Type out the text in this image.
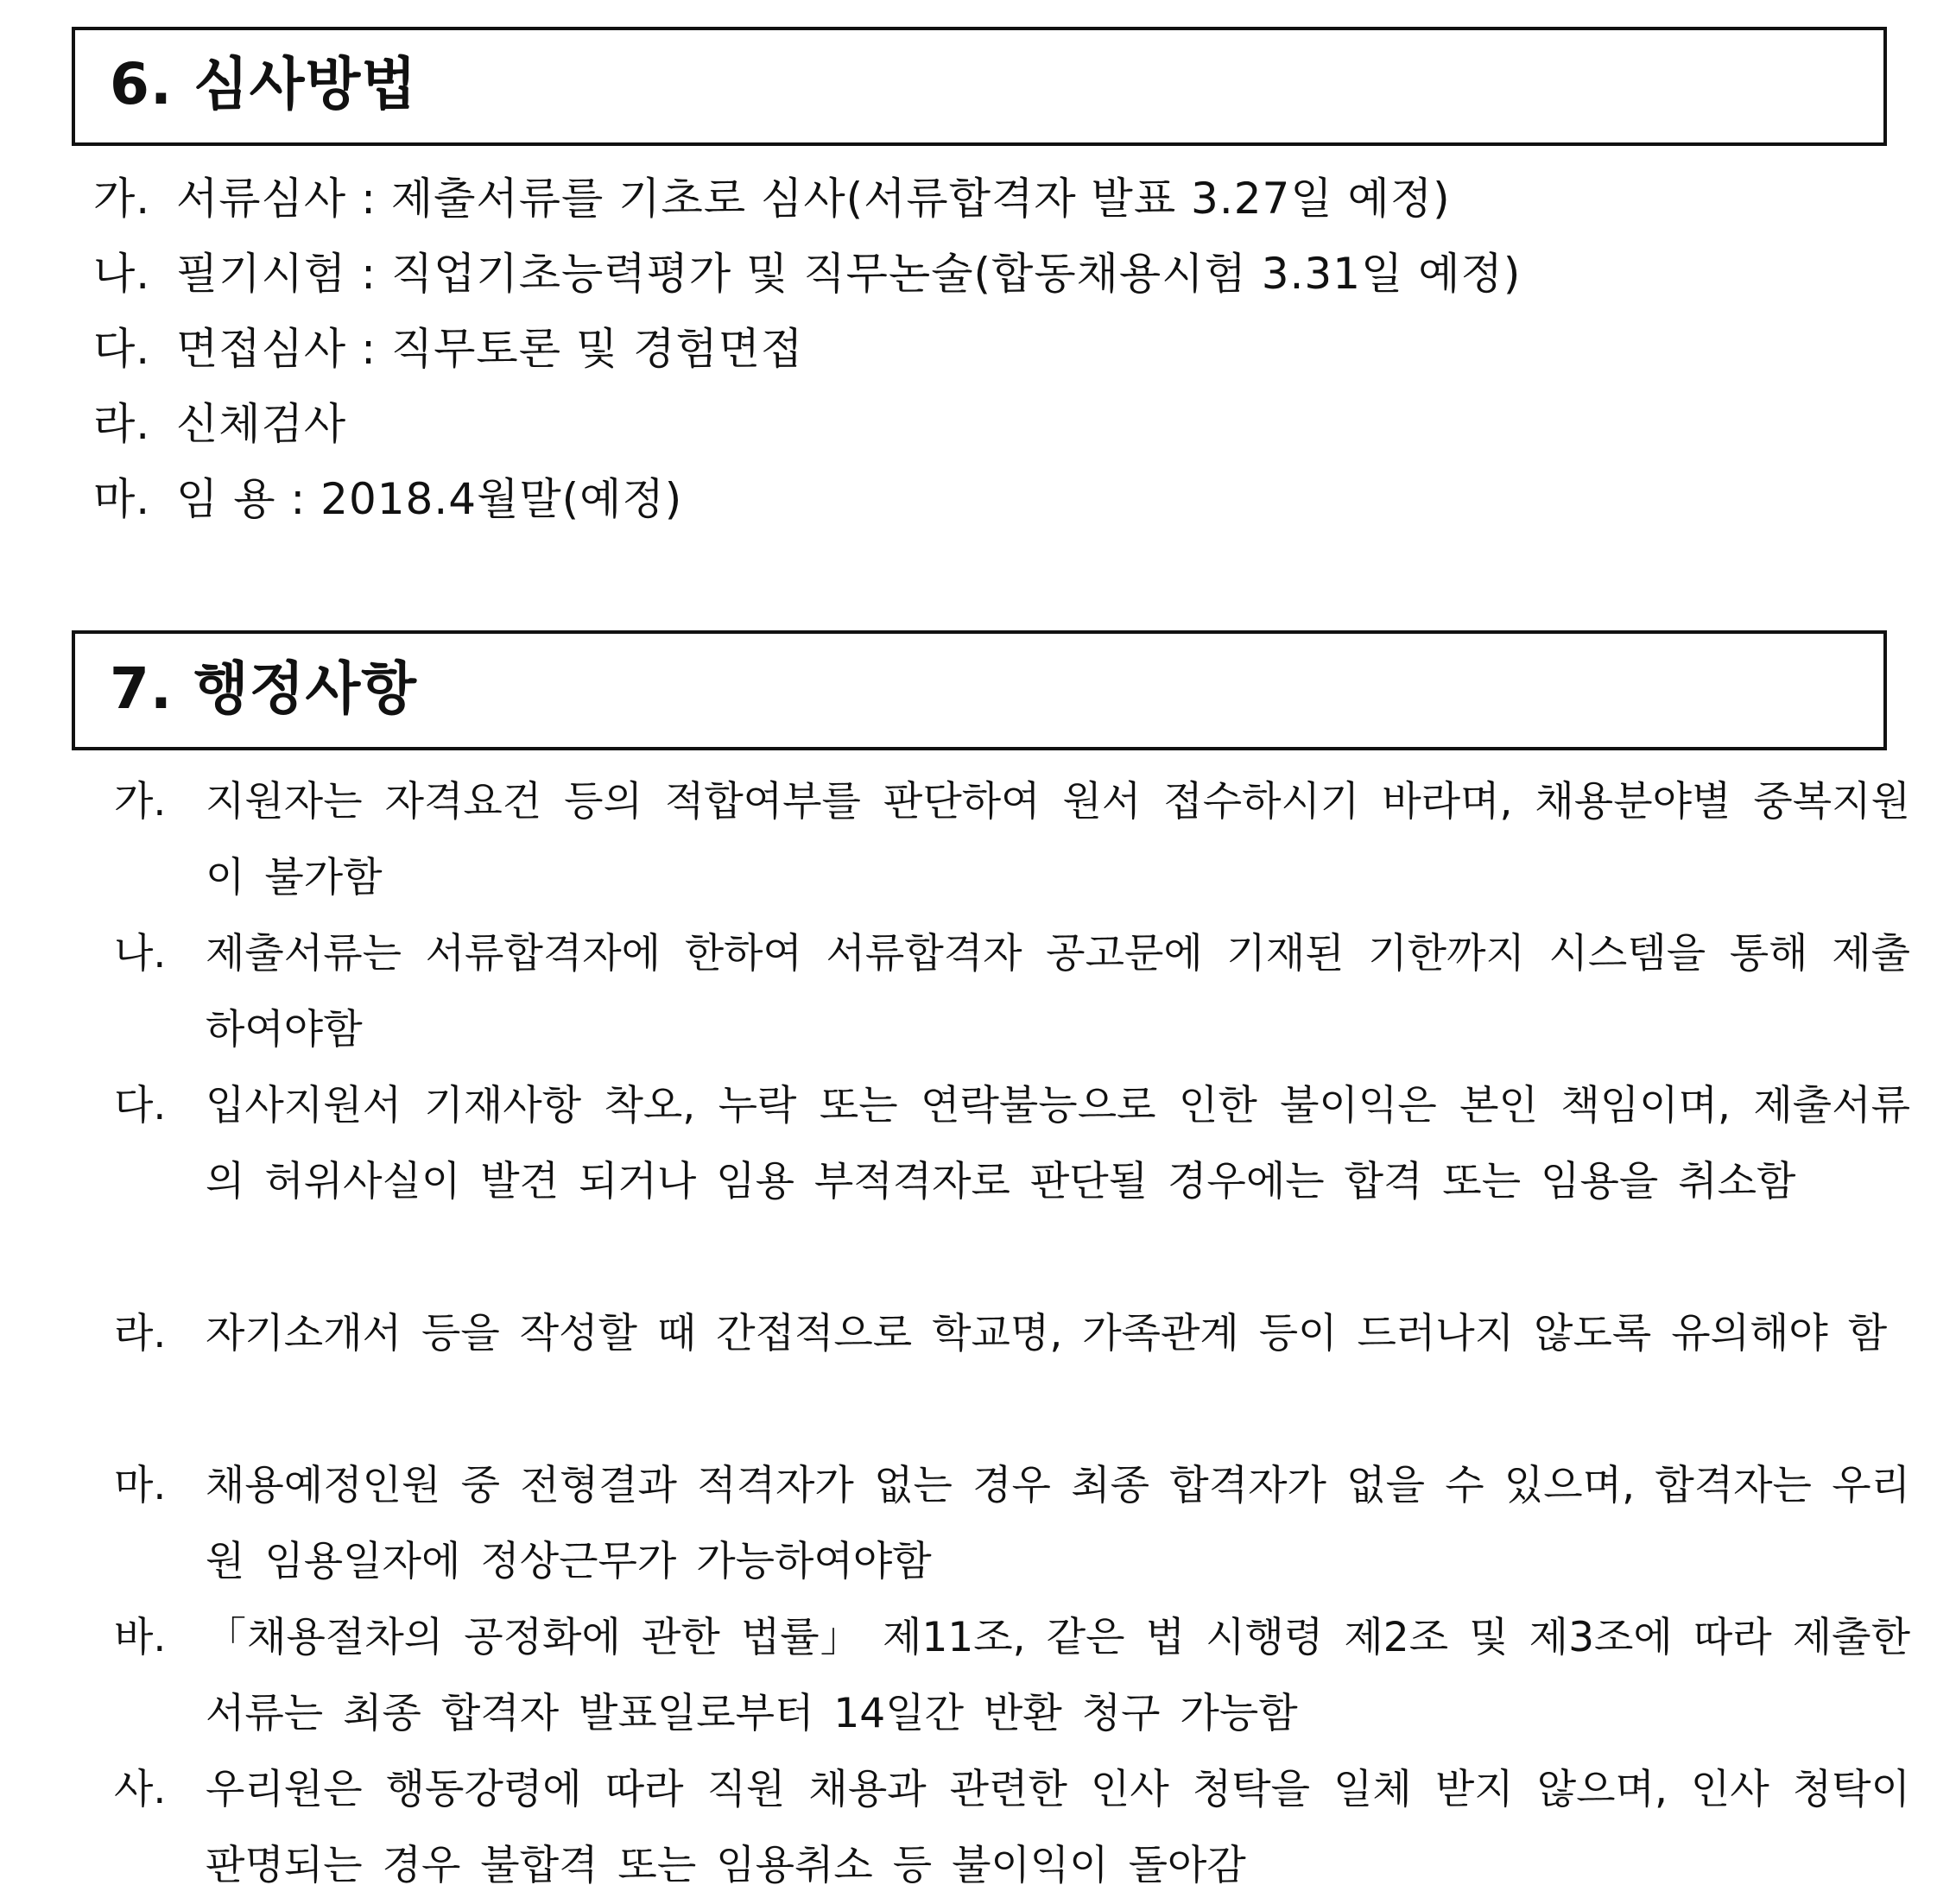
6. 심사방법
가. 서류심사 : 제출서류를 기초로 심사(서류합격자 발표 3.27일 예정)
나. 필기시험 : 직업기초능력평가 및 직무논술(합동채용시험 3.31일 예정)
다. 면접심사 : 직무토론 및 경험면접
라. 신체검사
마. 임 용 : 2018.4월말(예정)
7. 행정사항
가. 지원자는 자격요건 등의 적합여부를 판단하여 원서 접수하시기 바라며, 채용분야별 중복지원이 불가함
나. 제출서류는 서류합격자에 한하여 서류합격자 공고문에 기재된 기한까지 시스템을 통해 제출하여야함
다. 입사지원서 기재사항 착오, 누락 또는 연락불능으로 인한 불이익은 본인 책임이며, 제출서류의 허위사실이 발견 되거나 임용 부적격자로 판단될 경우에는 합격 또는 임용을 취소함
라. 자기소개서 등을 작성할 때 간접적으로 학교명, 가족관계 등이 드러나지 않도록 유의해야 함
마. 채용예정인원 중 전형결과 적격자가 없는 경우 최종 합격자가 없을 수 있으며, 합격자는 우리원 임용일자에 정상근무가 가능하여야함
바. 「채용절차의 공정화에 관한 법률」 제11조, 같은 법 시행령 제2조 및 제3조에 따라 제출한 서류는 최종 합격자 발표일로부터 14일간 반환 청구 가능함
사. 우리원은 행동강령에 따라 직원 채용과 관련한 인사 청탁을 일체 받지 않으며, 인사 청탁이 판명되는 경우 불합격 또는 임용취소 등 불이익이 돌아감
